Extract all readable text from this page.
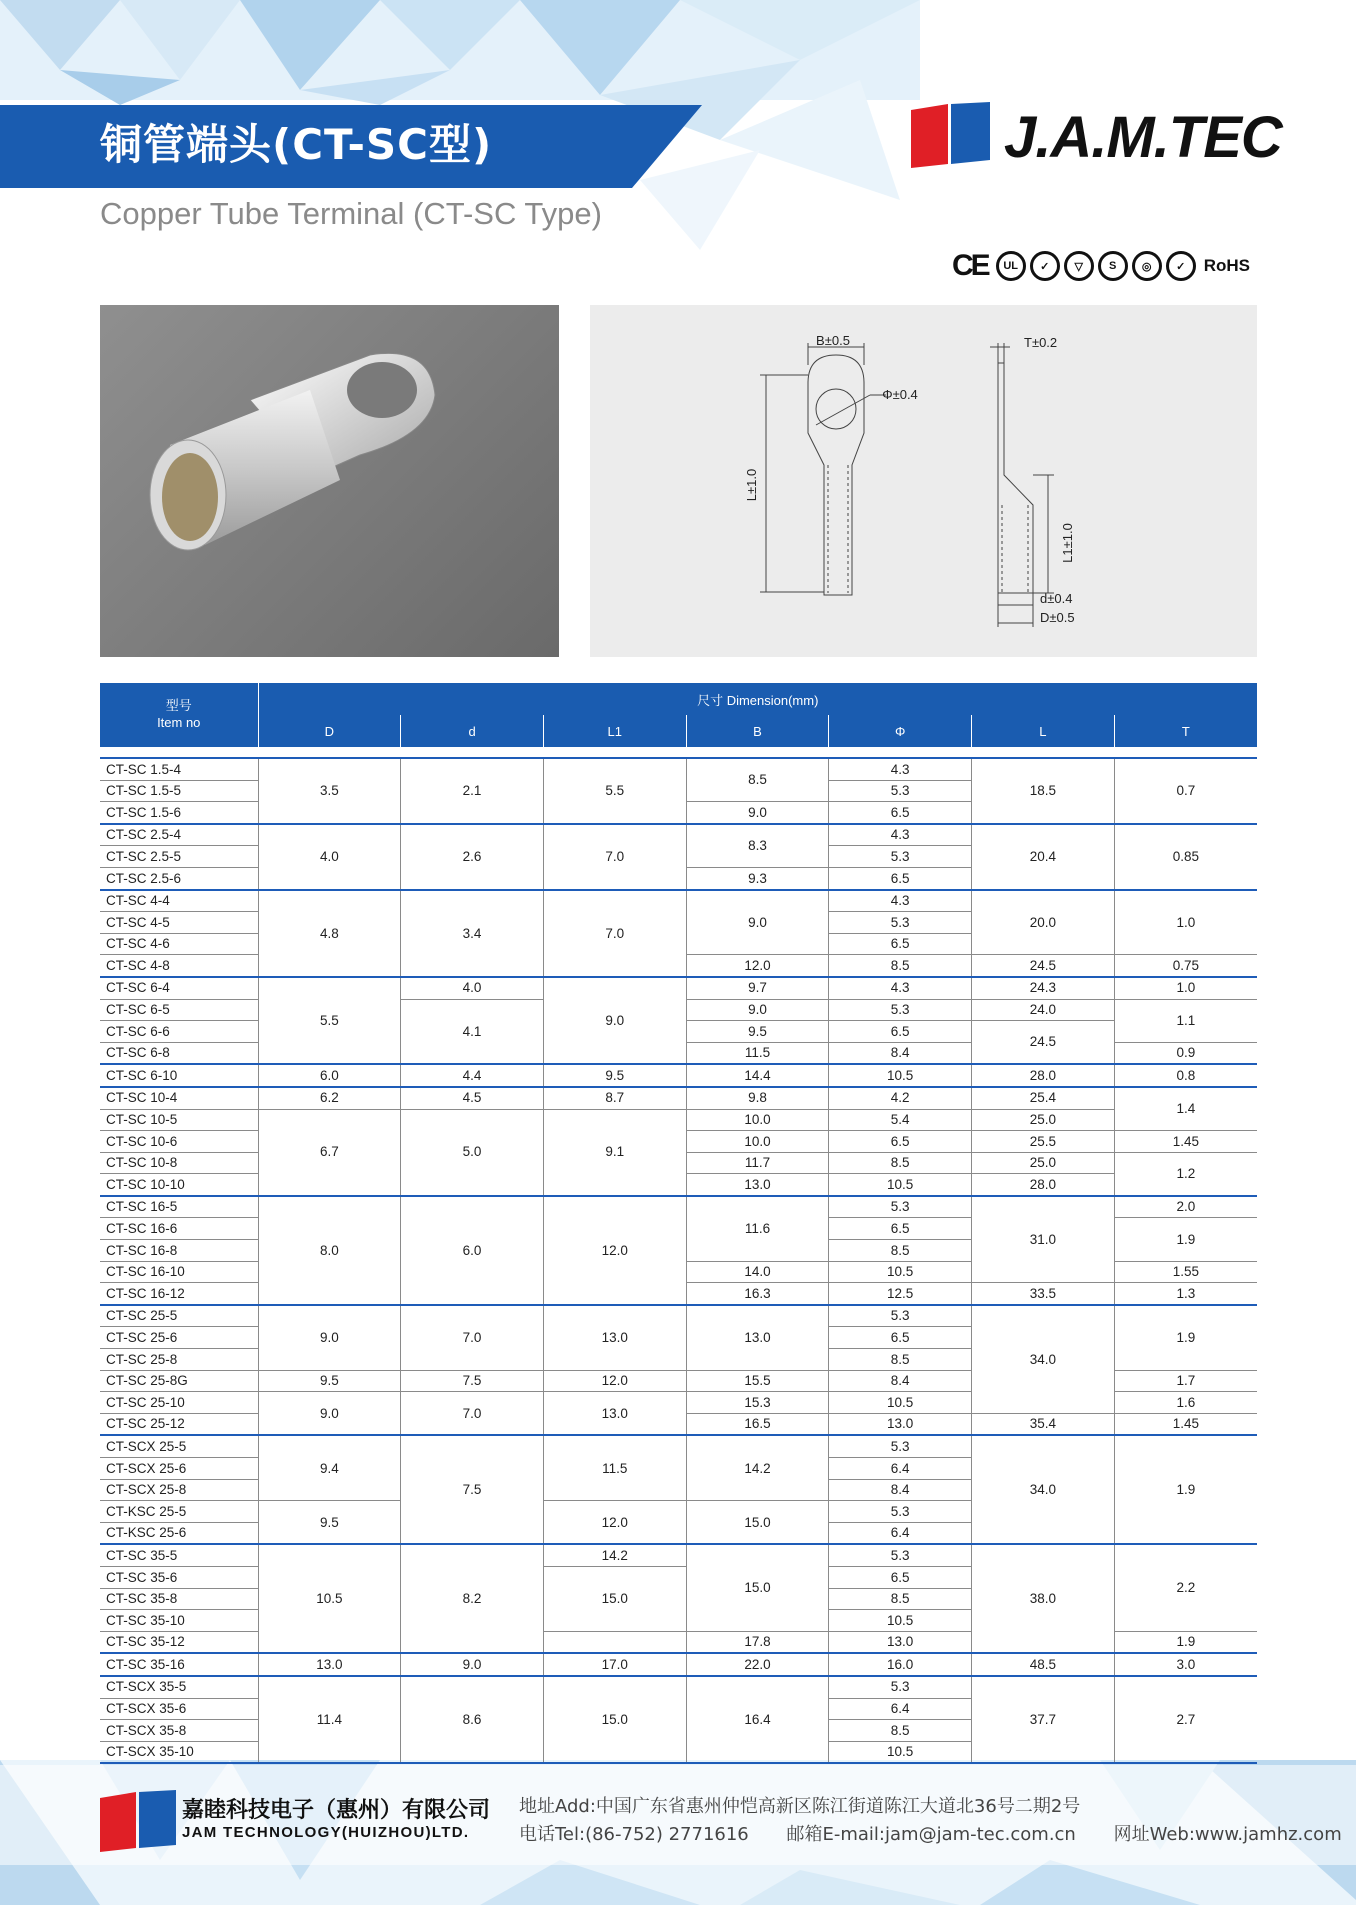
铜管端头(CT-SC型)
Copper Tube Terminal (CT-SC Type)
J.A.M.TEC
CE	UL	✓	▽	S	◎	✓	RoHS
B±0.5	T±0.2
Φ±0.4
L±1.0
L1±1.0
d±0.4
D±0.5
型号
Item no	尺寸 Dimension(mm)						
	D	d	L1	B	Φ	L	T

CT-SC 1.5-4	3.5	2.1	5.5	8.5	4.3	18.5	0.7
CT-SC 1.5-5					5.3		
CT-SC 1.5-6				9.0	6.5		
CT-SC 2.5-4	4.0	2.6	7.0	8.3	4.3	20.4	0.85
CT-SC 2.5-5					5.3		
CT-SC 2.5-6				9.3	6.5		
CT-SC 4-4	4.8	3.4	7.0	9.0	4.3	20.0	1.0
CT-SC 4-5					5.3		
CT-SC 4-6					6.5		
CT-SC 4-8				12.0	8.5	24.5	0.75
CT-SC 6-4	5.5	4.0	9.0	9.7	4.3	24.3	1.0
CT-SC 6-5		4.1		9.0	5.3	24.0	1.1
CT-SC 6-6				9.5	6.5	24.5	
CT-SC 6-8				11.5	8.4		0.9
CT-SC 6-10	6.0	4.4	9.5	14.4	10.5	28.0	0.8
CT-SC 10-4	6.2	4.5	8.7	9.8	4.2	25.4	1.4
CT-SC 10-5	6.7	5.0	9.1	10.0	5.4	25.0	
CT-SC 10-6				10.0	6.5	25.5	1.45
CT-SC 10-8				11.7	8.5	25.0	1.2
CT-SC 10-10				13.0	10.5	28.0	
CT-SC 16-5	8.0	6.0	12.0	11.6	5.3	31.0	2.0
CT-SC 16-6					6.5		1.9
CT-SC 16-8					8.5		
CT-SC 16-10				14.0	10.5		1.55
CT-SC 16-12				16.3	12.5	33.5	1.3
CT-SC 25-5	9.0	7.0	13.0	13.0	5.3	34.0	1.9
CT-SC 25-6					6.5		
CT-SC 25-8					8.5		
CT-SC 25-8G	9.5	7.5	12.0	15.5	8.4		1.7
CT-SC 25-10	9.0	7.0	13.0	15.3	10.5		1.6
CT-SC 25-12				16.5	13.0	35.4	1.45
CT-SCX 25-5	9.4	7.5	11.5	14.2	5.3	34.0	1.9
CT-SCX 25-6					6.4		
CT-SCX 25-8					8.4		
CT-KSC 25-5	9.5		12.0	15.0	5.3		
CT-KSC 25-6					6.4		
CT-SC 35-5	10.5	8.2	14.2	15.0	5.3	38.0	2.2
CT-SC 35-6			15.0		6.5		
CT-SC 35-8					8.5		
CT-SC 35-10					10.5		
CT-SC 35-12				17.8	13.0		1.9
CT-SC 35-16	13.0	9.0	17.0	22.0	16.0	48.5	3.0
CT-SCX 35-5	11.4	8.6	15.0	16.4	5.3	37.7	2.7
CT-SCX 35-6					6.4		
CT-SCX 35-8					8.5		
CT-SCX 35-10					10.5		
嘉睦科技电子（惠州）有限公司
JAM TECHNOLOGY(HUIZHOU)LTD.
地址Add:中国广东省惠州仲恺高新区陈江街道陈江大道北36号二期2号
电话Tel:(86-752) 2771616 邮箱E-mail:jam@jam-tec.com.cn 网址Web:www.jamhz.com
